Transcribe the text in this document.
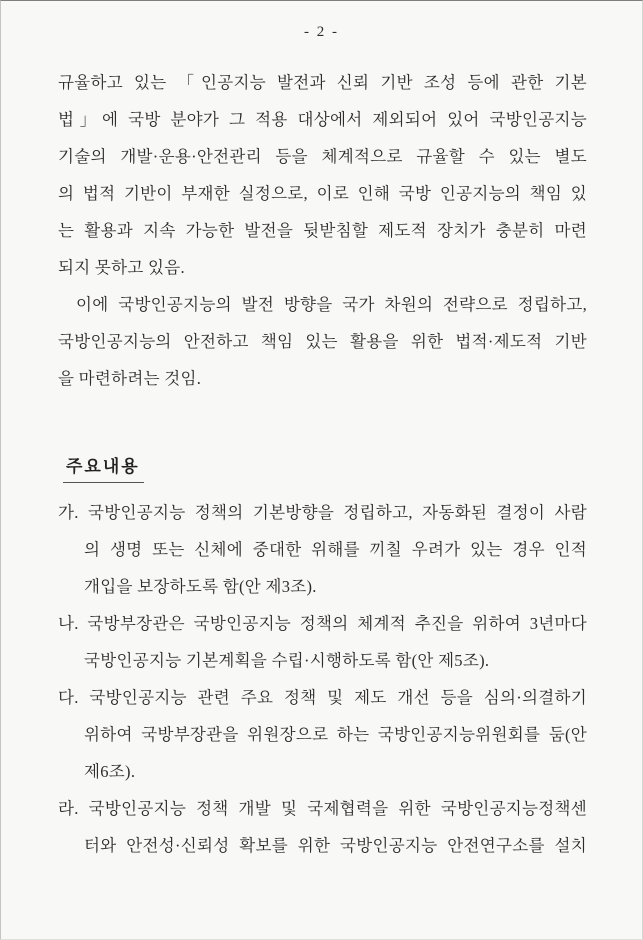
- 2 -
규율하고 있는 「인공지능 발전과 신뢰 기반 조성 등에 관한 기본
법」에 국방 분야가 그 적용 대상에서 제외되어 있어 국방인공지능
기술의 개발·운용·안전관리 등을 체계적으로 규율할 수 있는 별도
의 법적 기반이 부재한 실정으로, 이로 인해 국방 인공지능의 책임 있
는 활용과 지속 가능한 발전을 뒷받침할 제도적 장치가 충분히 마련
되지 못하고 있음.
이에 국방인공지능의 발전 방향을 국가 차원의 전략으로 정립하고,
국방인공지능의 안전하고 책임 있는 활용을 위한 법적·제도적 기반
을 마련하려는 것임.
주요내용
가. 국방인공지능 정책의 기본방향을 정립하고, 자동화된 결정이 사람
의 생명 또는 신체에 중대한 위해를 끼칠 우려가 있는 경우 인적
개입을 보장하도록 함(안 제3조).
나. 국방부장관은 국방인공지능 정책의 체계적 추진을 위하여 3년마다
국방인공지능 기본계획을 수립·시행하도록 함(안 제5조).
다. 국방인공지능 관련 주요 정책 및 제도 개선 등을 심의·의결하기
위하여 국방부장관을 위원장으로 하는 국방인공지능위원회를 둠(안
제6조).
라. 국방인공지능 정책 개발 및 국제협력을 위한 국방인공지능정책센
터와 안전성·신뢰성 확보를 위한 국방인공지능 안전연구소를 설치
